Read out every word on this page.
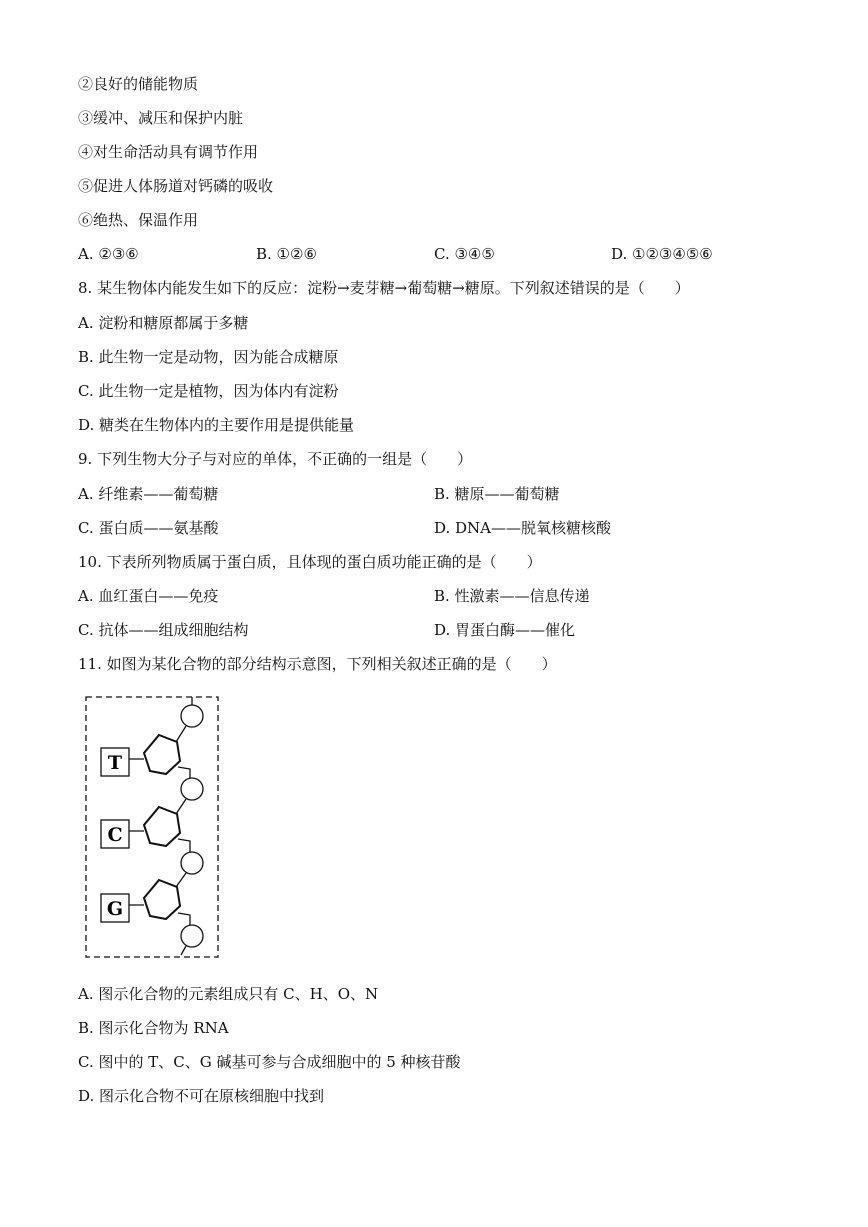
②良好的储能物质
③缓冲、减压和保护内脏
④对生命活动具有调节作用
⑤促进人体肠道对钙磷的吸收
⑥绝热、保温作用
A. ②③⑥	B. ①②⑥	C. ③④⑤	D. ①②③④⑤⑥
8. 某生物体内能发生如下的反应：淀粉→麦芽糖→葡萄糖→糖原。下列叙述错误的是（　　）
A. 淀粉和糖原都属于多糖
B. 此生物一定是动物，因为能合成糖原
C. 此生物一定是植物，因为体内有淀粉
D. 糖类在生物体内的主要作用是提供能量
9. 下列生物大分子与对应的单体，不正确的一组是（　　）
A. 纤维素——葡萄糖	B. 糖原——葡萄糖
C. 蛋白质——氨基酸	D. DNA——脱氧核糖核酸
10. 下表所列物质属于蛋白质，且体现的蛋白质功能正确的是（　　）
A. 血红蛋白——免疫	B. 性激素——信息传递
C. 抗体——组成细胞结构	D. 胃蛋白酶——催化
11. 如图为某化合物的部分结构示意图，下列相关叙述正确的是（　　）
T
C
G
A. 图示化合物的元素组成只有 C、H、O、N
B. 图示化合物为 RNA
C. 图中的 T、C、G 碱基可参与合成细胞中的 5 种核苷酸
D. 图示化合物不可在原核细胞中找到
